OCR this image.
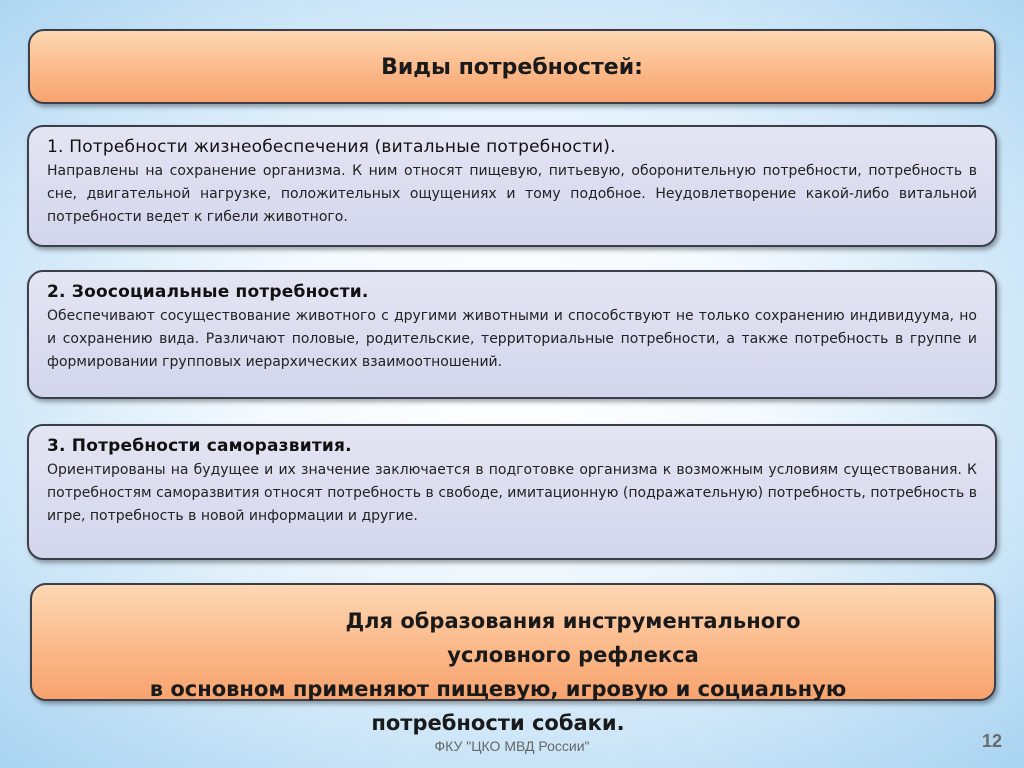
Виды потребностей:
1. Потребности жизнеобеспечения (витальные потребности).

Направлены на сохранение организма. К ним относят пищевую, питьевую, оборонительную потребности, потребность в сне, двигательной нагрузке, положительных ощущениях и тому подобное. Неудовлетворение какой-либо витальной потребности ведет к гибели животного.

2. Зоосоциальные потребности.

Обеспечивают сосуществование животного с другими животными и способствуют не только сохранению индивидуума, но и сохранению вида. Различают половые, родительские, территориальные потребности, а также потребность в группе и формировании групповых иерархических взаимоотношений.

3. Потребности саморазвития.

Ориентированы на будущее и их значение заключается в подготовке организма к возможным условиям существования. К потребностям саморазвития относят потребность в свободе, имитационную (подражательную) потребность, потребность в игре, потребность в новой информации и другие.

Для образования инструментального условного рефлекса
в основном применяют пищевую, игровую и социальную
потребности собаки.
ФКУ "ЦКО МВД России"	12
